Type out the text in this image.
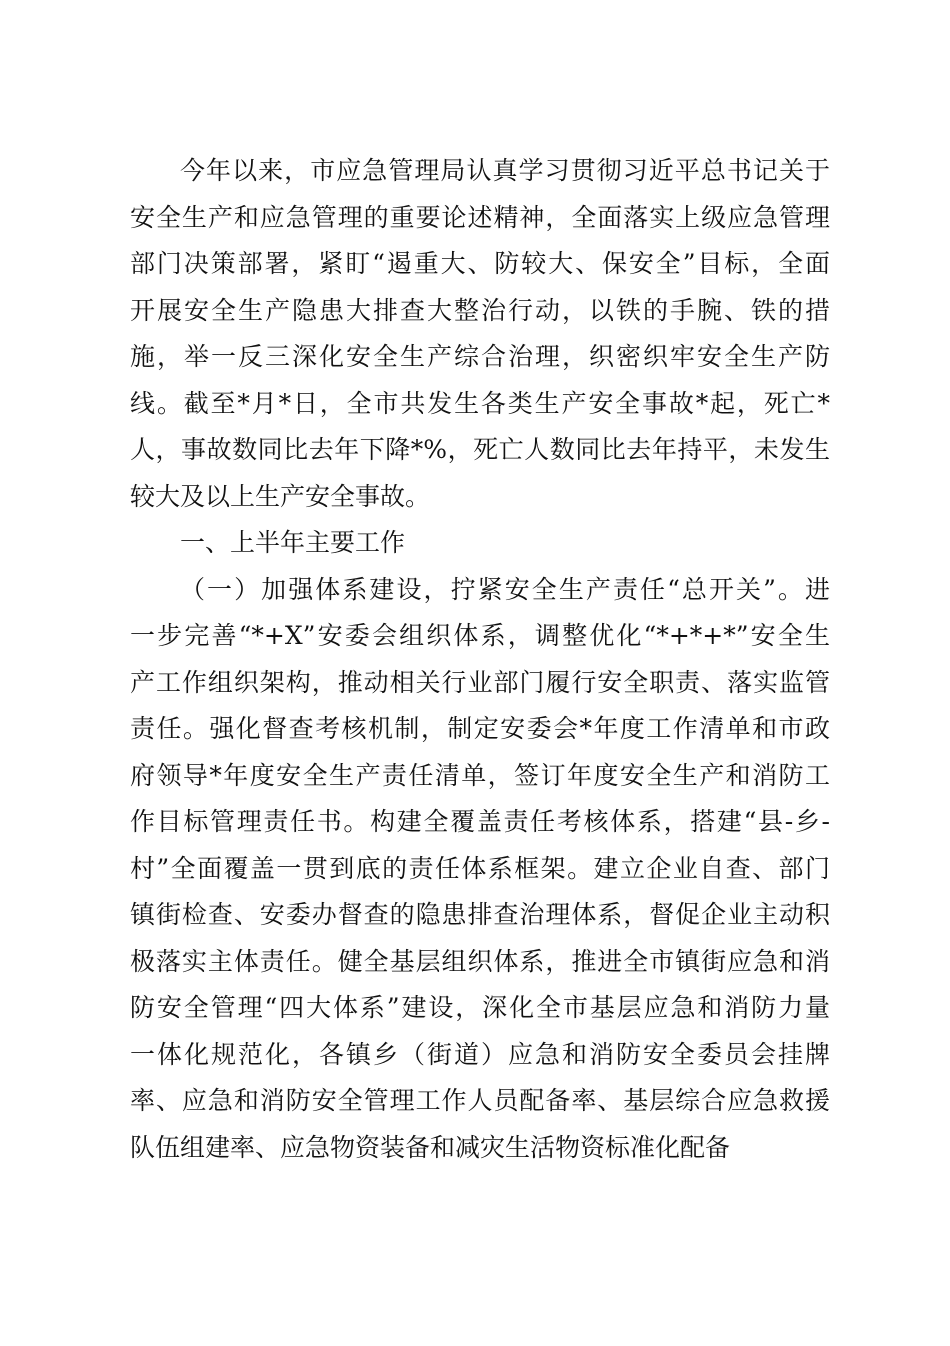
今年以来，市应急管理局认真学习贯彻习近平总书记关于
安全生产和应急管理的重要论述精神，全面落实上级应急管理
部门决策部署，紧盯“遏重大、防较大、保安全”目标，全面
开展安全生产隐患大排查大整治行动，以铁的手腕、铁的措
施，举一反三深化安全生产综合治理，织密织牢安全生产防
线。截至*月*日，全市共发生各类生产安全事故*起，死亡*
人，事故数同比去年下降*%，死亡人数同比去年持平，未发生
较大及以上生产安全事故。
一、上半年主要工作
（一）加强体系建设，拧紧安全生产责任“总开关”。进
一步完善“*+X”安委会组织体系，调整优化“*+*+*”安全生
产工作组织架构，推动相关行业部门履行安全职责、落实监管
责任。强化督查考核机制，制定安委会*年度工作清单和市政
府领导*年度安全生产责任清单，签订年度安全生产和消防工
作目标管理责任书。构建全覆盖责任考核体系，搭建“县-乡-
村”全面覆盖一贯到底的责任体系框架。建立企业自查、部门
镇街检查、安委办督查的隐患排查治理体系，督促企业主动积
极落实主体责任。健全基层组织体系，推进全市镇街应急和消
防安全管理“四大体系”建设，深化全市基层应急和消防力量
一体化规范化，各镇乡（街道）应急和消防安全委员会挂牌
率、应急和消防安全管理工作人员配备率、基层综合应急救援
队伍组建率、应急物资装备和减灾生活物资标准化配备
